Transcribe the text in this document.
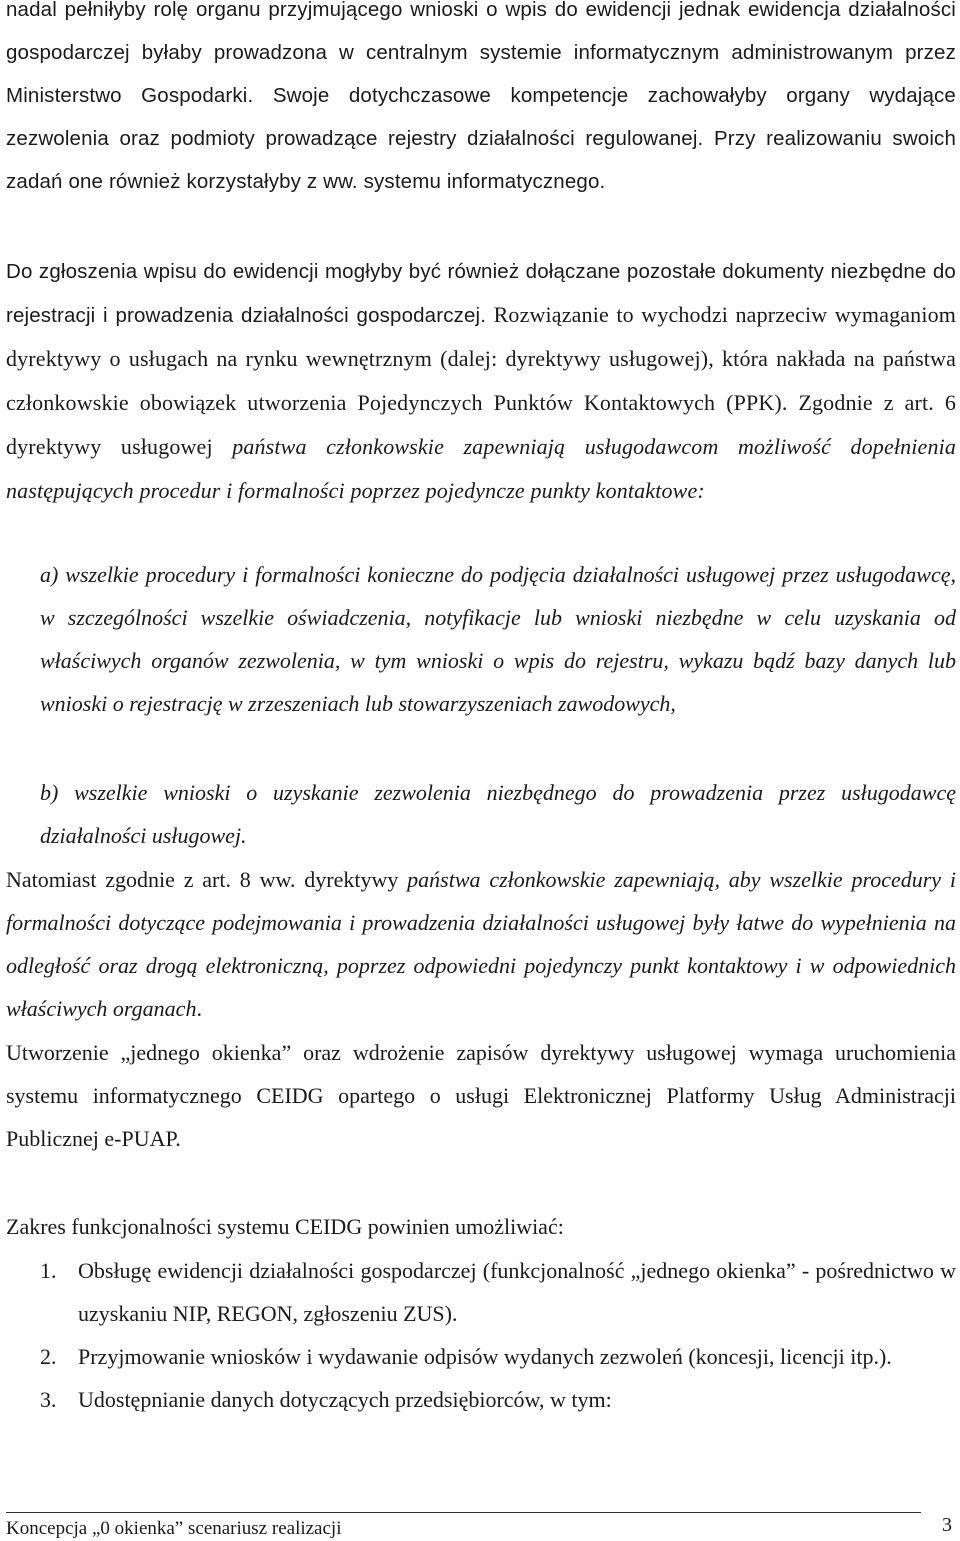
nadal pełniłyby rolę organu przyjmującego wnioski o wpis do ewidencji jednak ewidencja działalności gospodarczej byłaby prowadzona w centralnym systemie informatycznym administrowanym przez Ministerstwo Gospodarki. Swoje dotychczasowe kompetencje zachowałyby organy wydające zezwolenia oraz podmioty prowadzące rejestry działalności regulowanej. Przy realizowaniu swoich zadań one również korzystałyby z ww. systemu informatycznego.

Do zgłoszenia wpisu do ewidencji mogłyby być również dołączane pozostałe dokumenty niezbędne do rejestracji i prowadzenia działalności gospodarczej. Rozwiązanie to wychodzi naprzeciw wymaganiom dyrektywy o usługach na rynku wewnętrznym (dalej: dyrektywy usługowej), która nakłada na państwa członkowskie obowiązek utworzenia Pojedynczych Punktów Kontaktowych (PPK). Zgodnie z art. 6 dyrektywy usługowej państwa członkowskie zapewniają usługodawcom możliwość dopełnienia następujących procedur i formalności poprzez pojedyncze punkty kontaktowe:

a) wszelkie procedury i formalności konieczne do podjęcia działalności usługowej przez usługodawcę, w szczególności wszelkie oświadczenia, notyfikacje lub wnioski niezbędne w celu uzyskania od właściwych organów zezwolenia, w tym wnioski o wpis do rejestru, wykazu bądź bazy danych lub wnioski o rejestrację w zrzeszeniach lub stowarzyszeniach zawodowych,

b) wszelkie wnioski o uzyskanie zezwolenia niezbędnego do prowadzenia przez usługodawcę działalności usługowej.

Natomiast zgodnie z art. 8 ww. dyrektywy państwa członkowskie zapewniają, aby wszelkie procedury i formalności dotyczące podejmowania i prowadzenia działalności usługowej były łatwe do wypełnienia na odległość oraz drogą elektroniczną, poprzez odpowiedni pojedynczy punkt kontaktowy i w odpowiednich właściwych organach.

Utworzenie „jednego okienka” oraz wdrożenie zapisów dyrektywy usługowej wymaga uruchomienia systemu informatycznego CEIDG opartego o usługi Elektronicznej Platformy Usług Administracji Publicznej e-PUAP.

Zakres funkcjonalności systemu CEIDG powinien umożliwiać:

1. Obsługę ewidencji działalności gospodarczej (funkcjonalność „jednego okienka” - pośrednictwo w uzyskaniu NIP, REGON, zgłoszeniu ZUS).
2. Przyjmowanie wniosków i wydawanie odpisów wydanych zezwoleń (koncesji, licencji itp.).
3. Udostępnianie danych dotyczących przedsiębiorców, w tym:
Koncepcja „0 okienka” scenariusz realizacji	3
